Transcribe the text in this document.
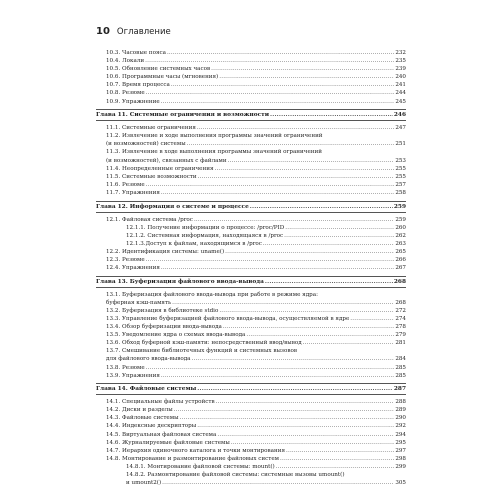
10 Оглавление
10.3. Часовые пояса .....	232
10.4. Локали .....	235
10.5. Обновление системных часов .....	239
10.6. Программные часы (мгновения) .....	240
10.7. Время процесса .....	241
10.8. Резюме .....	244
10.9. Упражнение .....	245
Глава 11. Системные ограничения и возможности .....	246
11.1. Системные ограничения .....	247
11.2. Извлечение и ходе выполнения программы значений ограничений
(и возможностей) системы .....	251
11.3. Извлечение в ходе выполнения программы значений ограничений
(и возможностей), связанных с файлами .....	253
11.4. Неопределенные ограничения .....	255
11.5. Системные возможности .....	255
11.6. Резюме .....	257
11.7. Упражнения .....	258
Глава 12. Информация о системе и процессе .....	259
12.1. Файловая система /proc .....	259
12.1.1. Получение информации о процессе: /proc/PID .....	260
12.1.2. Системная информация, находящаяся в /proc .....	262
12.1.3.Доступ к файлам, находящимся в /proc .....	263
12.2. Идентификация системы: uname() .....	265
12.3. Резюме .....	266
12.4. Упражнения .....	267
Глава 13. Буферизация файлового ввода-вывода .....	268
13.1. Буферизация файлового ввода-вывода при работе в режиме ядра:
буферная кэш-память .....	268
13.2. Буферизация в библиотеке stdio .....	272
13.3. Управление буферизацией файлового ввода-вывода, осуществляемой в ядре .....	274
13.4. Обзор буферизации ввода-вывода .....	278
13.5. Уведомление ядра о схемах ввода-вывода .....	279
13.6. Обход буферной кэш-памяти: непосредственный ввод/вывод .....	281
13.7. Смешивание библиотечных функций и системных вызовов
для файлового ввода-вывода .....	284
13.8. Резюме .....	285
13.9. Упражнения .....	285
Глава 14. Файловые системы .....	287
14.1. Специальные файлы устройств .....	288
14.2. Диски и разделы .....	289
14.3. Файловые системы .....	290
14.4. Индексные дескрипторы .....	292
14.5. Виртуальная файловая система .....	294
14.6. Журналируемые файловые системы .....	295
14.7. Иерархия одиночного каталога и точки монтирования .....	297
14.8. Монтирование и размонтирование файловых систем .....	298
14.8.1. Монтирование файловой системы: mount() .....	299
14.8.2. Размонтирование файловой системы: системные вызовы umount()
и umount2() .....	305
